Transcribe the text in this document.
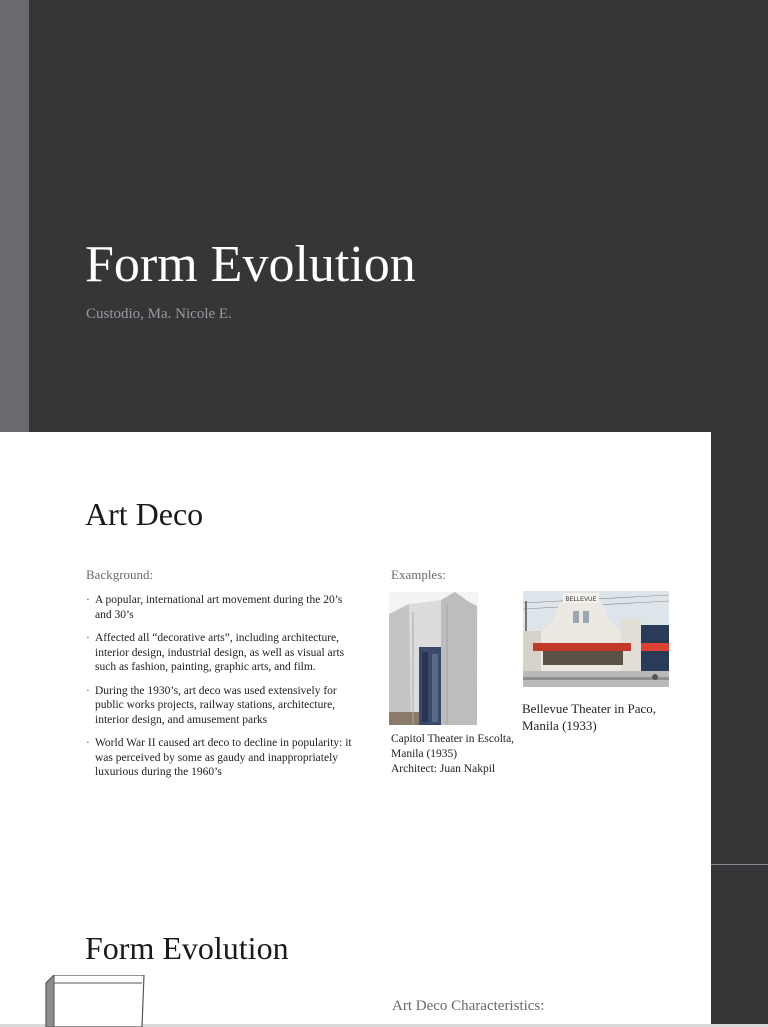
Form Evolution
Custodio, Ma. Nicole E.
Art Deco
Background:
· A popular, international art movement during the 20’s and 30’s
· Affected all “decorative arts”, including architecture, interior design, industrial design, as well as visual arts such as fashion, painting, graphic arts, and film.
· During the 1930’s, art deco was used extensively for public works projects, railway stations, architecture, interior design, and amusement parks
· World War II caused art deco to decline in popularity: it was perceived by some as gaudy and inappropriately luxurious during the 1960’s
Examples:
Capitol Theater in Escolta,
Manila (1935)
Architect: Juan Nakpil
BELLEVUE
Bellevue Theater in Paco,
Manila (1933)
Form Evolution
Art Deco Characteristics:
